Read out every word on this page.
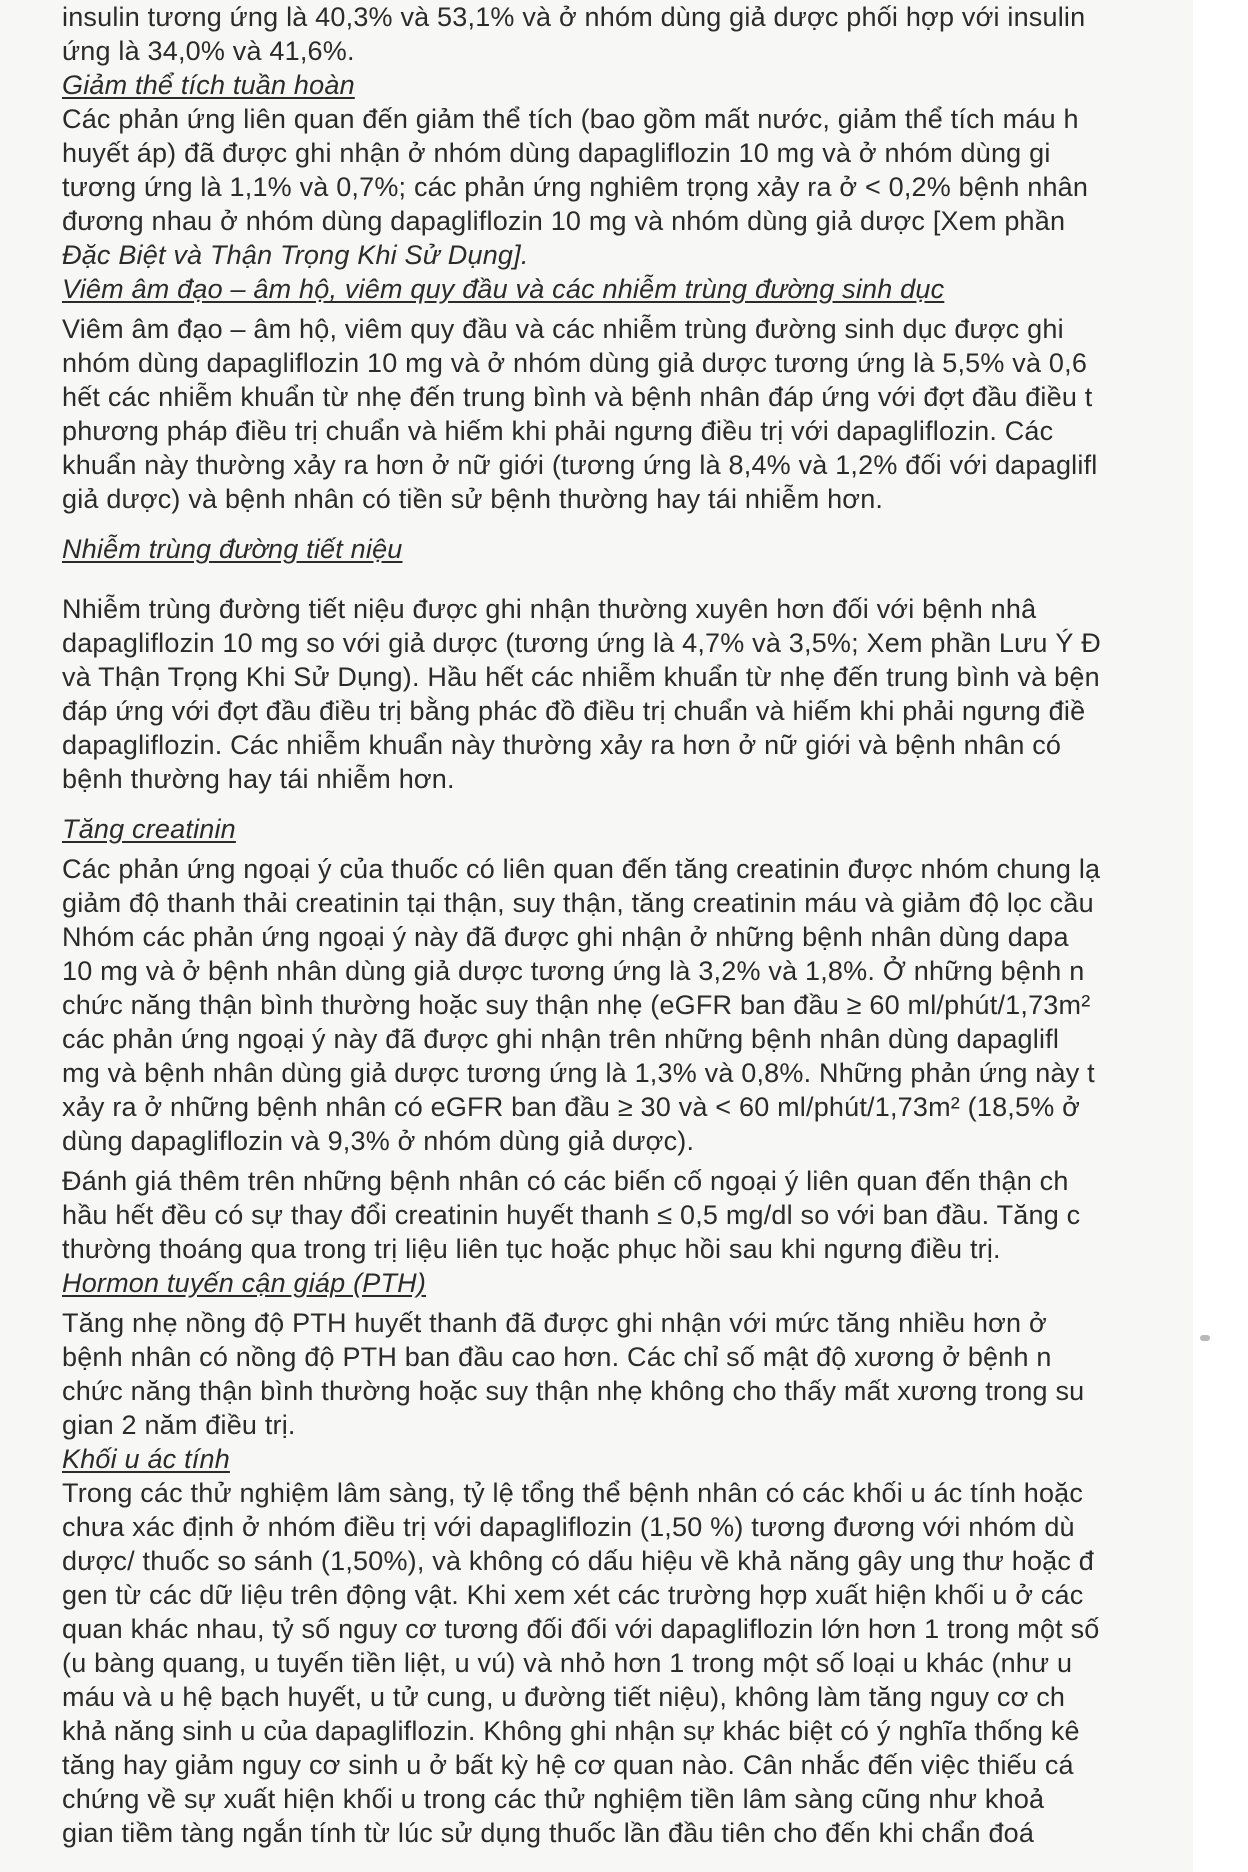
insulin tương ứng là 40,3% và 53,1% và ở nhóm dùng giả dược phối hợp với insulin
ứng là 34,0% và 41,6%.
Giảm thể tích tuần hoàn
Các phản ứng liên quan đến giảm thể tích (bao gồm mất nước, giảm thể tích máu h
huyết áp) đã được ghi nhận ở nhóm dùng dapagliflozin 10 mg và ở nhóm dùng gi
tương ứng là 1,1% và 0,7%; các phản ứng nghiêm trọng xảy ra ở < 0,2% bệnh nhân
đương nhau ở nhóm dùng dapagliflozin 10 mg và nhóm dùng giả dược [Xem phần
Đặc Biệt và Thận Trọng Khi Sử Dụng].
Viêm âm đạo – âm hộ, viêm quy đầu và các nhiễm trùng đường sinh dục
Viêm âm đạo – âm hộ, viêm quy đầu và các nhiễm trùng đường sinh dục được ghi
nhóm dùng dapagliflozin 10 mg và ở nhóm dùng giả dược tương ứng là 5,5% và 0,6
hết các nhiễm khuẩn từ nhẹ đến trung bình và bệnh nhân đáp ứng với đợt đầu điều t
phương pháp điều trị chuẩn và hiếm khi phải ngưng điều trị với dapagliflozin. Các
khuẩn này thường xảy ra hơn ở nữ giới (tương ứng là 8,4% và 1,2% đối với dapaglifl
giả dược) và bệnh nhân có tiền sử bệnh thường hay tái nhiễm hơn.
Nhiễm trùng đường tiết niệu
Nhiễm trùng đường tiết niệu được ghi nhận thường xuyên hơn đối với bệnh nhâ
dapagliflozin 10 mg so với giả dược (tương ứng là 4,7% và 3,5%; Xem phần Lưu Ý Đ
và Thận Trọng Khi Sử Dụng). Hầu hết các nhiễm khuẩn từ nhẹ đến trung bình và bện
đáp ứng với đợt đầu điều trị bằng phác đồ điều trị chuẩn và hiếm khi phải ngưng điề
dapagliflozin. Các nhiễm khuẩn này thường xảy ra hơn ở nữ giới và bệnh nhân có
bệnh thường hay tái nhiễm hơn.
Tăng creatinin
Các phản ứng ngoại ý của thuốc có liên quan đến tăng creatinin được nhóm chung lạ
giảm độ thanh thải creatinin tại thận, suy thận, tăng creatinin máu và giảm độ lọc cầu
Nhóm các phản ứng ngoại ý này đã được ghi nhận ở những bệnh nhân dùng dapa
10 mg và ở bệnh nhân dùng giả dược tương ứng là 3,2% và 1,8%. Ở những bệnh n
chức năng thận bình thường hoặc suy thận nhẹ (eGFR ban đầu ≥ 60 ml/phút/1,73m²
các phản ứng ngoại ý này đã được ghi nhận trên những bệnh nhân dùng dapaglifl
mg và bệnh nhân dùng giả dược tương ứng là 1,3% và 0,8%. Những phản ứng này t
xảy ra ở những bệnh nhân có eGFR ban đầu ≥ 30 và < 60 ml/phút/1,73m² (18,5% ở
dùng dapagliflozin và 9,3% ở nhóm dùng giả dược).
Đánh giá thêm trên những bệnh nhân có các biến cố ngoại ý liên quan đến thận ch
hầu hết đều có sự thay đổi creatinin huyết thanh ≤ 0,5 mg/dl so với ban đầu. Tăng c
thường thoáng qua trong trị liệu liên tục hoặc phục hồi sau khi ngưng điều trị.
Hormon tuyến cận giáp (PTH)
Tăng nhẹ nồng độ PTH huyết thanh đã được ghi nhận với mức tăng nhiều hơn ở
bệnh nhân có nồng độ PTH ban đầu cao hơn. Các chỉ số mật độ xương ở bệnh n
chức năng thận bình thường hoặc suy thận nhẹ không cho thấy mất xương trong su
gian 2 năm điều trị.
Khối u ác tính
Trong các thử nghiệm lâm sàng, tỷ lệ tổng thể bệnh nhân có các khối u ác tính hoặc
chưa xác định ở nhóm điều trị với dapagliflozin (1,50 %) tương đương với nhóm dù
dược/ thuốc so sánh (1,50%), và không có dấu hiệu về khả năng gây ung thư hoặc đ
gen từ các dữ liệu trên động vật. Khi xem xét các trường hợp xuất hiện khối u ở các
quan khác nhau, tỷ số nguy cơ tương đối đối với dapagliflozin lớn hơn 1 trong một số
(u bàng quang, u tuyến tiền liệt, u vú) và nhỏ hơn 1 trong một số loại u khác (như u
máu và u hệ bạch huyết, u tử cung, u đường tiết niệu), không làm tăng nguy cơ ch
khả năng sinh u của dapagliflozin. Không ghi nhận sự khác biệt có ý nghĩa thống kê
tăng hay giảm nguy cơ sinh u ở bất kỳ hệ cơ quan nào. Cân nhắc đến việc thiếu cá
chứng về sự xuất hiện khối u trong các thử nghiệm tiền lâm sàng cũng như khoả
gian tiềm tàng ngắn tính từ lúc sử dụng thuốc lần đầu tiên cho đến khi chẩn đoá
